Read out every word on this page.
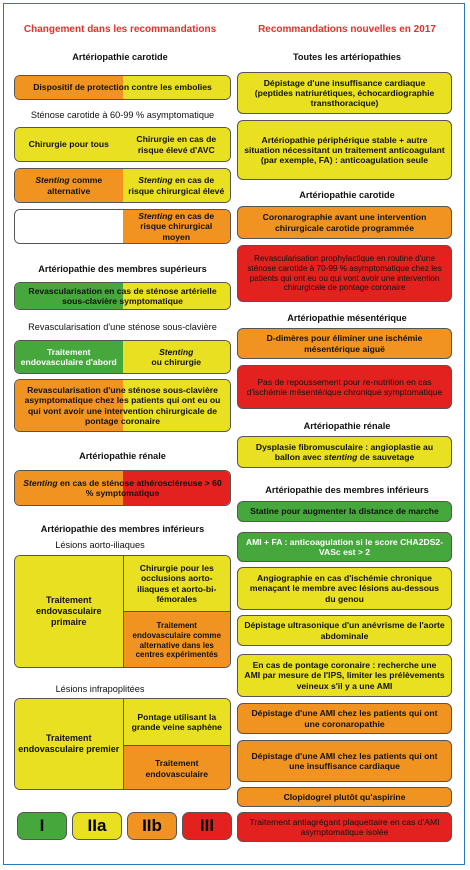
Changement dans les recommandations	Recommandations nouvelles en 2017
Artériopathie carotide
Dispositif de protection contre les embolies
Sténose carotide à 60-99 % asymptomatique
Chirurgie pour tous
Chirurgie en cas de risque élevé d'AVC
Stenting comme alternative
Stenting en cas de risque chirurgical élevé
Stenting en cas de risque chirurgical moyen
Artériopathie des membres supérieurs
Revascularisation en cas de sténose artérielle sous-clavière symptomatique
Revascularisation d'une sténose sous-clavière
Traitement endovasculaire d'abord
Stenting
ou chirurgie
Revascularisation d'une sténose sous-clavière asymptomatique chez les patients qui ont eu ou qui vont avoir une intervention chirurgicale de pontage coronaire
Artériopathie rénale
Stenting en cas de sténose athéroscléreuse > 60 % symptomatique
Artériopathie des membres inférieurs
Lésions aorto-iliaques
Traitement endovasculaire primaire
Chirurgie pour les occlusions aorto-iliaques et aorto-bi-fémorales
Traitement endovasculaire comme alternative dans les centres expérimentés
Lésions infrapoplitées
Traitement endovasculaire premier
Pontage utilisant la grande veine saphène
Traitement endovasculaire
I	IIa	IIb	III
Toutes les artériopathies
Dépistage d'une insuffisance cardiaque (peptides natriurétiques, échocardiographie transthoracique)
Artériopathie périphérique stable + autre situation nécessitant un traitement anticoagulant (par exemple, FA) : anticoagulation seule
Artériopathie carotide
Coronarographie avant une intervention chirurgicale carotide programmée
Revascularisation prophylactique en routine d'une sténose carotide à 70-99 % asymptomatique chez les patients qui ont eu ou qui vont avoir une intervention chirurgicale de pontage coronaire
Artériopathie mésentérique
D-dimères pour éliminer une ischémie mésentérique aiguë
Pas de repoussement pour re-nutrition en cas d'ischémie mésentérique chronique symptomatique
Artériopathie rénale
Dysplasie fibromusculaire : angioplastie au ballon avec stenting de sauvetage
Artériopathie des membres inférieurs
Statine pour augmenter la distance de marche
AMI + FA : anticoagulation si le score CHA2DS2-VASc est > 2
Angiographie en cas d'ischémie chronique menaçant le membre avec lésions au-dessous du genou
Dépistage ultrasonique d'un anévrisme de l'aorte abdominale
En cas de pontage coronaire : recherche une AMI par mesure de l'IPS, limiter les prélèvements veineux s'il y a une AMI
Dépistage d'une AMI chez les patients qui ont une coronaropathie
Dépistage d'une AMI chez les patients qui ont une insuffisance cardiaque
Clopidogrel plutôt qu'aspirine
Traitement antiagrégant plaquettaire en cas d'AMI asymptomatique isolée
